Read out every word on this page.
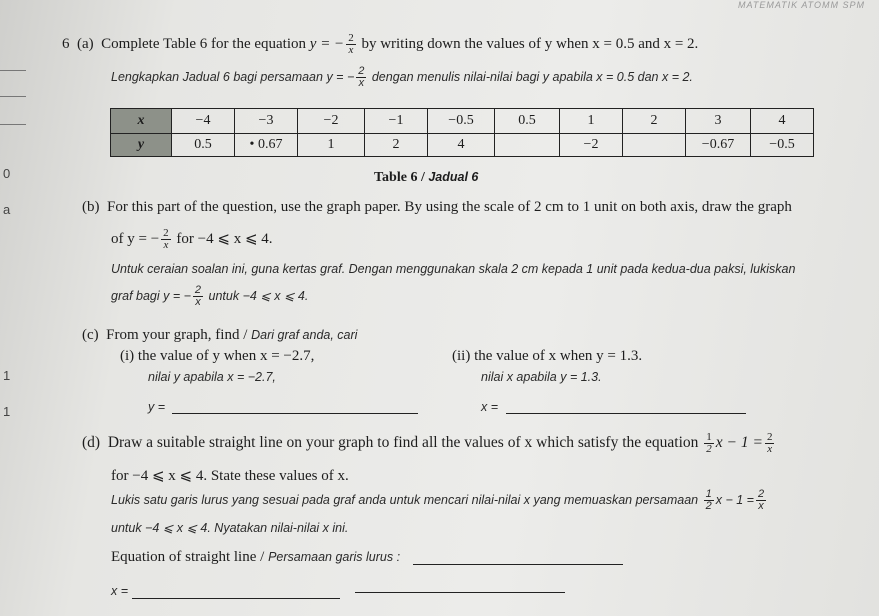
MATEMATIK ATOMM SPM
0
a
1
1
6 (a) Complete Table 6 for the equation y = − $\frac{2}{x}$ by writing down the values of y when x = 0.5 and x = 2.
Lengkapkan Jadual 6 bagi persamaan y = − $\frac{2}{x}$ dengan menulis nilai-nilai bagi y apabila x = 0.5 dan x = 2.
x	−4	−3	−2	−1	−0.5	0.5	1	2	3	4
y	0.5	• 0.67	1	2	4		−2		−0.67	−0.5
Table 6 / Jadual 6
(b) For this part of the question, use the graph paper. By using the scale of 2 cm to 1 unit on both axis, draw the graph
of y = − $\frac{2}{x}$ for −4 ⩽ x ⩽ 4.
Untuk ceraian soalan ini, guna kertas graf. Dengan menggunakan skala 2 cm kepada 1 unit pada kedua-dua paksi, lukiskan
graf bagi y = − $\frac{2}{x}$ untuk −4 ⩽ x ⩽ 4.
(c) From your graph, find / Dari graf anda, cari
(i) the value of y when x = −2.7,
nilai y apabila x = −2.7,
y =
(ii) the value of x when y = 1.3.
nilai x apabila y = 1.3.
x =
(d) Draw a suitable straight line on your graph to find all the values of x which satisfy the equation $\frac{1}{2}$ $x - 1 = \frac{2}{x}$
for −4 ⩽ x ⩽ 4. State these values of x.
Lukis satu garis lurus yang sesuai pada graf anda untuk mencari nilai-nilai x yang memuaskan persamaan $\frac{1}{2}$ $x - 1 = \frac{2}{x}$
untuk −4 ⩽ x ⩽ 4. Nyatakan nilai-nilai x ini.
Equation of straight line / Persamaan garis lurus :
x =
